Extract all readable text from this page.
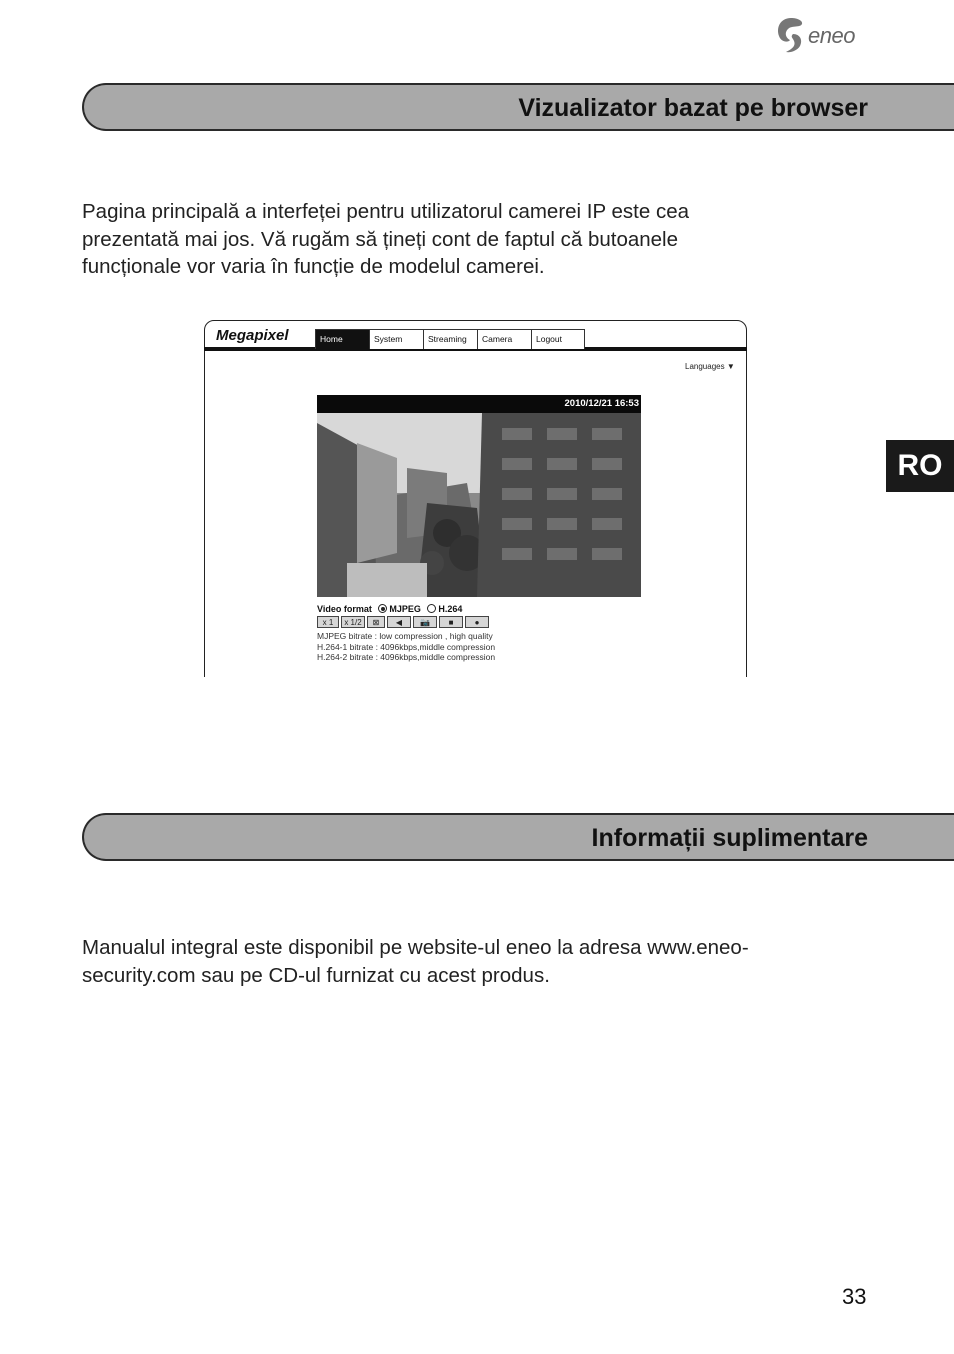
eneo
Vizualizator bazat pe browser
Pagina principală a interfeței pentru utilizatorul camerei IP este cea
prezentată mai jos. Vă rugăm să țineți cont de faptul că butoanele
funcționale vor varia în funcție de modelul camerei.
Megapixel	Home	System	Streaming	Camera	Logout
Languages ▼
2010/12/21 16:53
Video format MJPEG H.264
x 1	x 1/2	⊠	◀	📷	■	●
MJPEG bitrate : low compression , high quality
H.264-1 bitrate : 4096kbps,middle compression
H.264-2 bitrate : 4096kbps,middle compression
RO
Informații suplimentare
Manualul integral este disponibil pe website-ul eneo la adresa www.eneo-
security.com sau pe CD-ul furnizat cu acest produs.
33
